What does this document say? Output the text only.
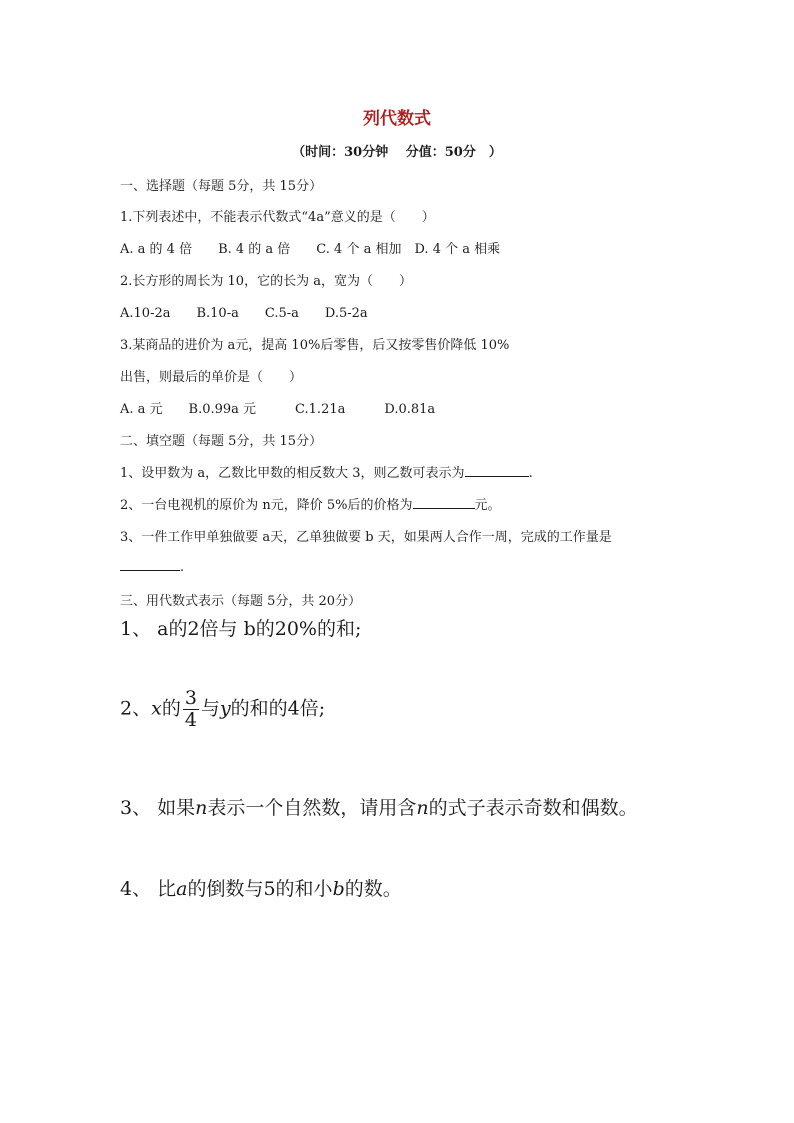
列代数式
（时间：30分钟　 分值：50分　）
一、选择题（每题 5分，共 15分）
1.下列表述中，不能表示代数式“4a”意义的是（　　）
A. a 的 4 倍　　B. 4 的 a 倍　　C. 4 个 a 相加　D. 4 个 a 相乘
2.长方形的周长为 10，它的长为 a，宽为（　　）
A.10-2a　　B.10-a　　C.5-a　　D.5-2a
3.某商品的进价为 a元，提高 10%后零售，后又按零售价降低 10%
出售，则最后的单价是（　　）
A. a 元　　B.0.99a 元　　　C.1.21a　　　D.0.81a
二、填空题（每题 5分，共 15分）
1、设甲数为 a，乙数比甲数的相反数大 3，则乙数可表示为	.
2、一台电视机的原价为 n元，降价 5%后的价格为	元。
3、一件工作甲单独做要 a天，乙单独做要 b 天，如果两人合作一周，完成的工作量是
.
三、用代数式表示（每题 5分，共 20分）
1、 a的2倍与 b的20%的和;
2、x的 $\frac{3}{4}$ 与y的和的4倍;
3、 如果n表示一个自然数，请用含n的式子表示奇数和偶数。
4、 比a的倒数与5的和小b的数。
